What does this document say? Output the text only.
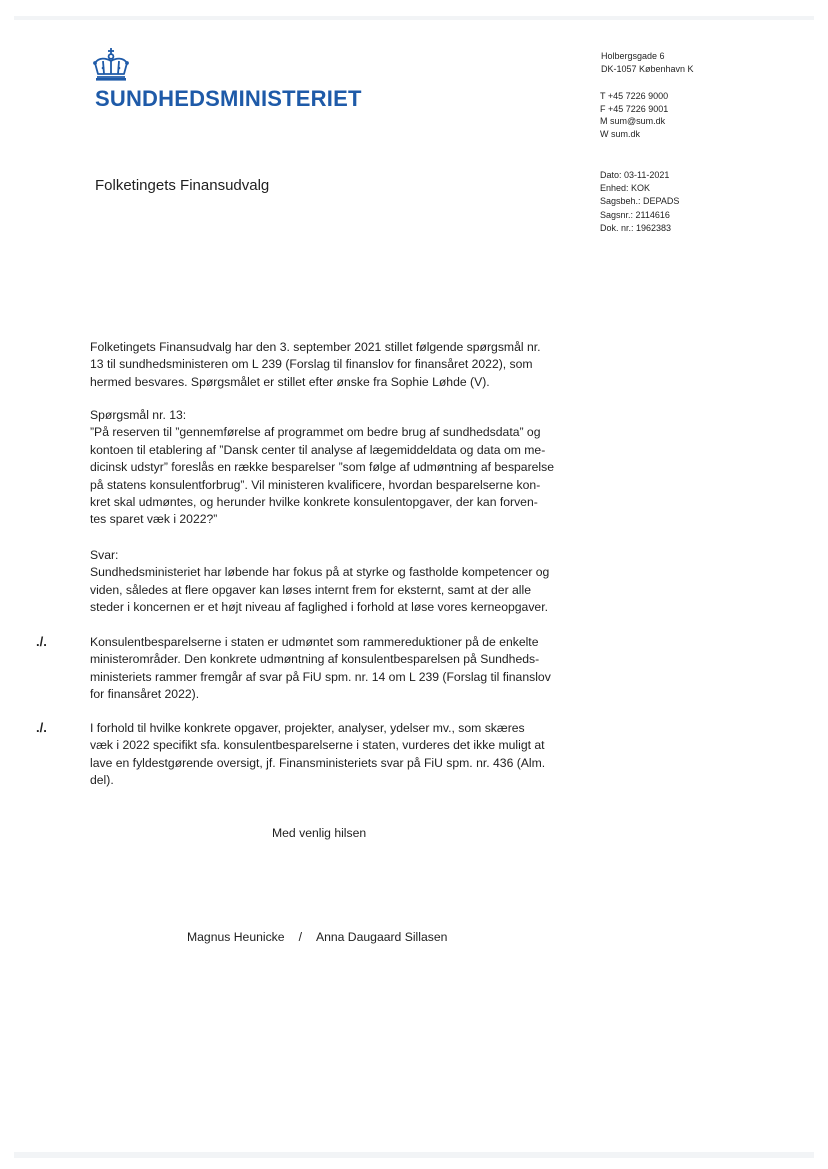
SUNDHEDSMINISTERIET
Holbergsgade 6
DK-1057 København K
T +45 7226 9000
F +45 7226 9001
M sum@sum.dk
W sum.dk
Dato: 03-11-2021
Enhed: KOK
Sagsbeh.: DEPADS
Sagsnr.: 2114616
Dok. nr.: 1962383
Folketingets Finansudvalg
Folketingets Finansudvalg har den 3. september 2021 stillet følgende spørgsmål nr.
13 til sundhedsministeren om L 239 (Forslag til finanslov for finansåret 2022), som
hermed besvares. Spørgsmålet er stillet efter ønske fra Sophie Løhde (V).
Spørgsmål nr. 13:
”På reserven til ”gennemførelse af programmet om bedre brug af sundhedsdata” og
kontoen til etablering af ”Dansk center til analyse af lægemiddeldata og data om me-
dicinsk udstyr” foreslås en række besparelser ”som følge af udmøntning af besparelse
på statens konsulentforbrug”. Vil ministeren kvalificere, hvordan besparelserne kon-
kret skal udmøntes, og herunder hvilke konkrete konsulentopgaver, der kan forven-
tes sparet væk i 2022?”
Svar:
Sundhedsministeriet har løbende har fokus på at styrke og fastholde kompetencer og
viden, således at flere opgaver kan løses internt frem for eksternt, samt at der alle
steder i koncernen er et højt niveau af faglighed i forhold at løse vores kerneopgaver.
./.	Konsulentbesparelserne i staten er udmøntet som rammereduktioner på de enkelte
ministerområder. Den konkrete udmøntning af konsulentbesparelsen på Sundheds-
ministeriets rammer fremgår af svar på FiU spm. nr. 14 om L 239 (Forslag til finanslov
for finansåret 2022).
./.	I forhold til hvilke konkrete opgaver, projekter, analyser, ydelser mv., som skæres
væk i 2022 specifikt sfa. konsulentbesparelserne i staten, vurderes det ikke muligt at
lave en fyldestgørende oversigt, jf. Finansministeriets svar på FiU spm. nr. 436 (Alm.
del).
Med venlig hilsen
Magnus Heunicke / Anna Daugaard Sillasen
